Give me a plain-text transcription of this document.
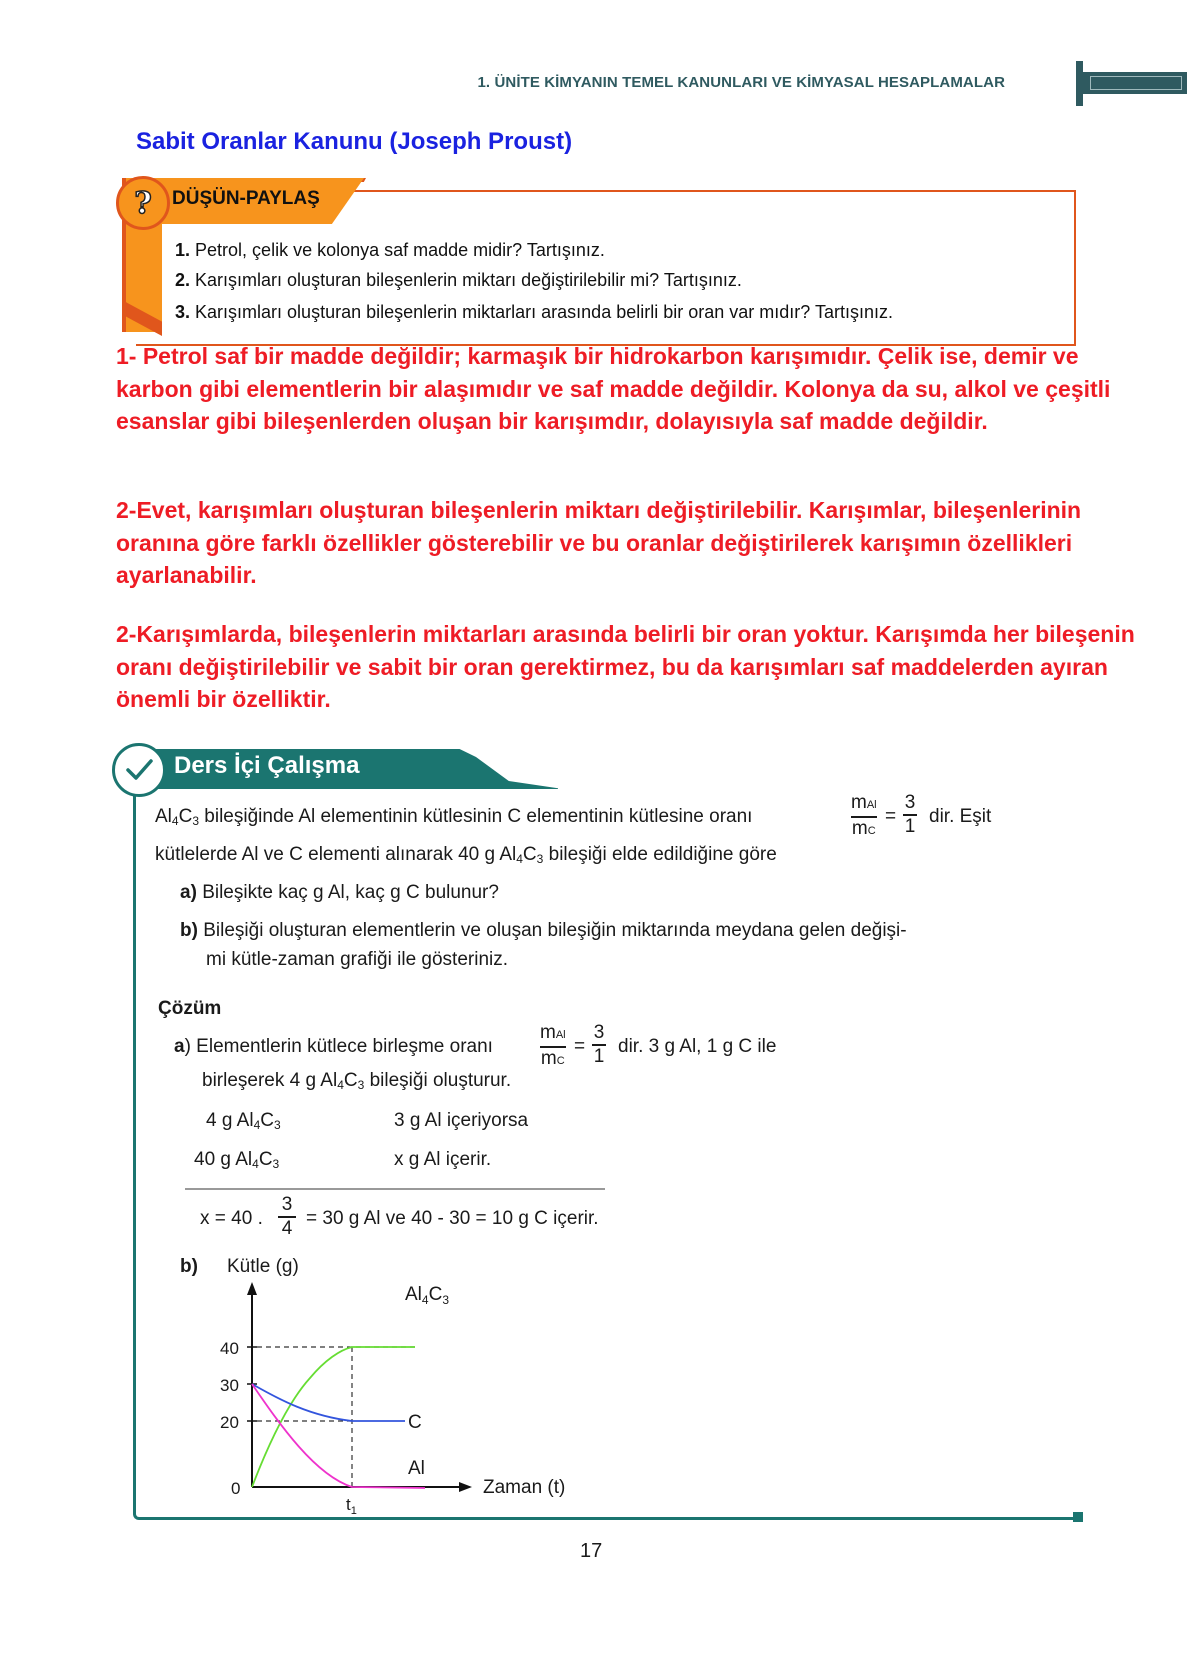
1. ÜNİTE KİMYANIN TEMEL KANUNLARI VE KİMYASAL HESAPLAMALAR
Sabit Oranlar Kanunu (Joseph Proust)
?	DÜŞÜN-PAYLAŞ
1. Petrol, çelik ve kolonya saf madde midir? Tartışınız.
2. Karışımları oluşturan bileşenlerin miktarı değiştirilebilir mi? Tartışınız.
3. Karışımları oluşturan bileşenlerin miktarları arasında belirli bir oran var mıdır? Tartışınız.
1- Petrol saf bir madde değildir; karmaşık bir hidrokarbon karışımıdır. Çelik ise, demir ve karbon gibi elementlerin bir alaşımıdır ve saf madde değildir. Kolonya da su, alkol ve çeşitli esanslar gibi bileşenlerden oluşan bir karışımdır, dolayısıyla saf madde değildir.
2-Evet, karışımları oluşturan bileşenlerin miktarı değiştirilebilir. Karışımlar, bileşenlerinin oranına göre farklı özellikler gösterebilir ve bu oranlar değiştirilerek karışımın özellikleri ayarlanabilir.
2-Karışımlarda, bileşenlerin miktarları arasında belirli bir oran yoktur. Karışımda her bileşenin oranı değiştirilebilir ve sabit bir oran gerektirmez, bu da karışımları saf maddelerden ayıran önemli bir özelliktir.
Ders İçi Çalışma
$Al_4C_3$ bileşiğinde Al elementinin kütlesinin C elementinin kütlesine oranı
mAl
mC
=
3
1 dir. Eşit
kütlelerde Al ve C elementi alınarak 40 g $Al_4C_3$ bileşiği elde edildiğine göre
a) Bileşikte kaç g Al, kaç g C bulunur?
b) Bileşiği oluşturan elementlerin ve oluşan bileşiğin miktarında meydana gelen değişi-
mi kütle-zaman grafiği ile gösteriniz.
Çözüm
a) Elementlerin kütlece birleşme oranı
mAl
mC
=
3
1 dir. 3 g Al, 1 g C ile
birleşerek 4 g $Al_4C_3$ bileşiği oluşturur.
4 g $Al_4C_3$	3 g Al içeriyorsa
40 g $Al_4C_3$	x g Al içerir.
x = 40 .
3
4 = 30 g Al ve 40 - 30 = 10 g C içerir.
b) Kütle (g)
$Al_4C_3$
40
30
20
0
C
Al
Zaman (t)
$t_1$
17
